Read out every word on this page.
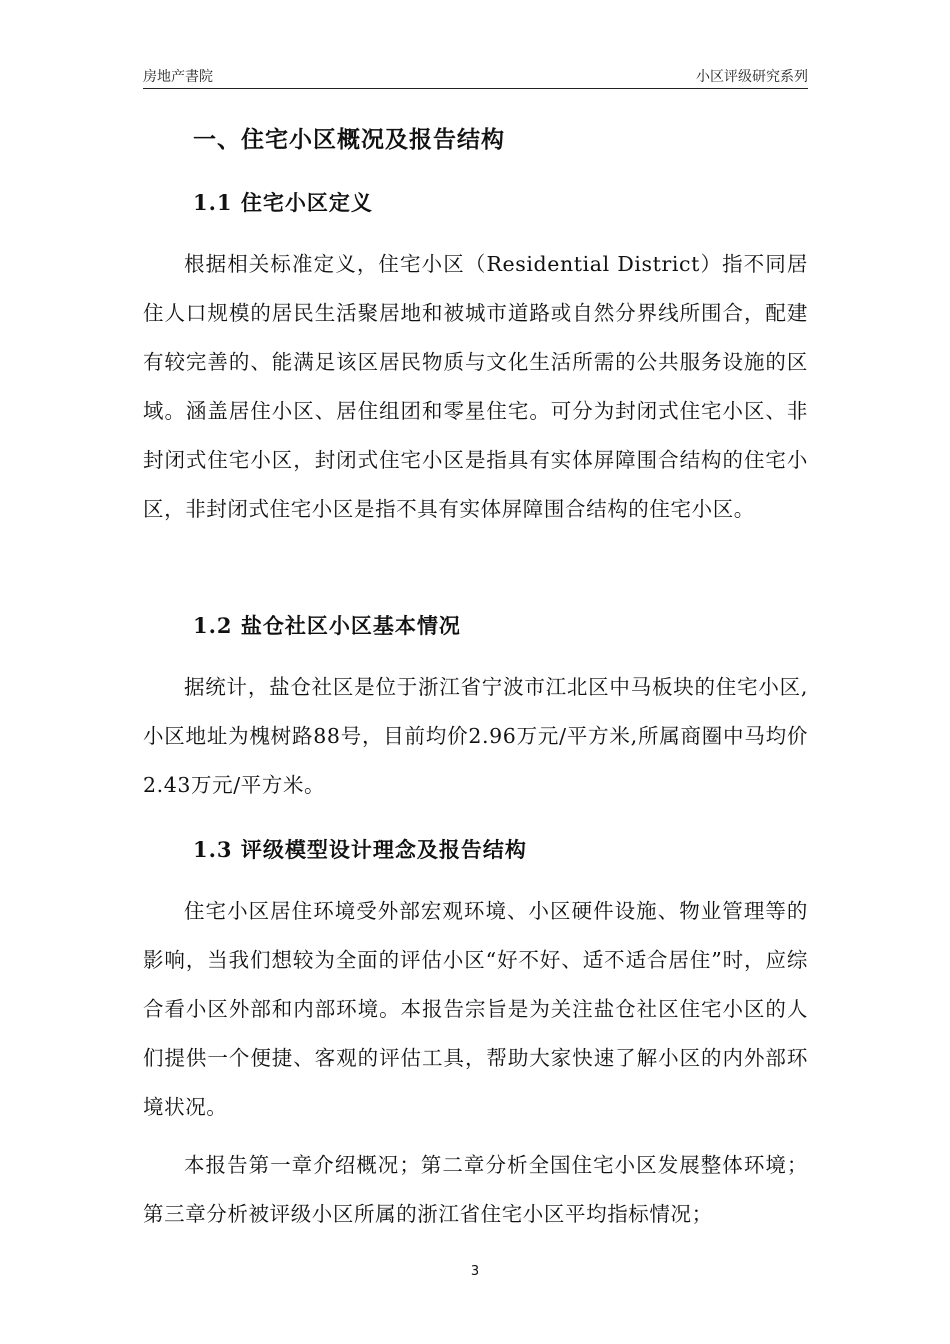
房地产書院	小区评级研究系列
一、住宅小区概况及报告结构
1.1 住宅小区定义

根据相关标准定义，住宅小区（Residential District）指不同居住人口规模的居民生活聚居地和被城市道路或自然分界线所围合，配建有较完善的、能满足该区居民物质与文化生活所需的公共服务设施的区域。涵盖居住小区、居住组团和零星住宅。可分为封闭式住宅小区、非封闭式住宅小区，封闭式住宅小区是指具有实体屏障围合结构的住宅小区，非封闭式住宅小区是指不具有实体屏障围合结构的住宅小区。

1.2 盐仓社区小区基本情况

据统计，盐仓社区是位于浙江省宁波市江北区中马板块的住宅小区,小区地址为槐树路88号，目前均价2.96万元/平方米,所属商圈中马均价2.43万元/平方米。

1.3 评级模型设计理念及报告结构

住宅小区居住环境受外部宏观环境、小区硬件设施、物业管理等的影响，当我们想较为全面的评估小区“好不好、适不适合居住”时，应综合看小区外部和内部环境。本报告宗旨是为关注盐仓社区住宅小区的人们提供一个便捷、客观的评估工具，帮助大家快速了解小区的内外部环境状况。

本报告第一章介绍概况；第二章分析全国住宅小区发展整体环境；第三章分析被评级小区所属的浙江省住宅小区平均指标情况；

3
